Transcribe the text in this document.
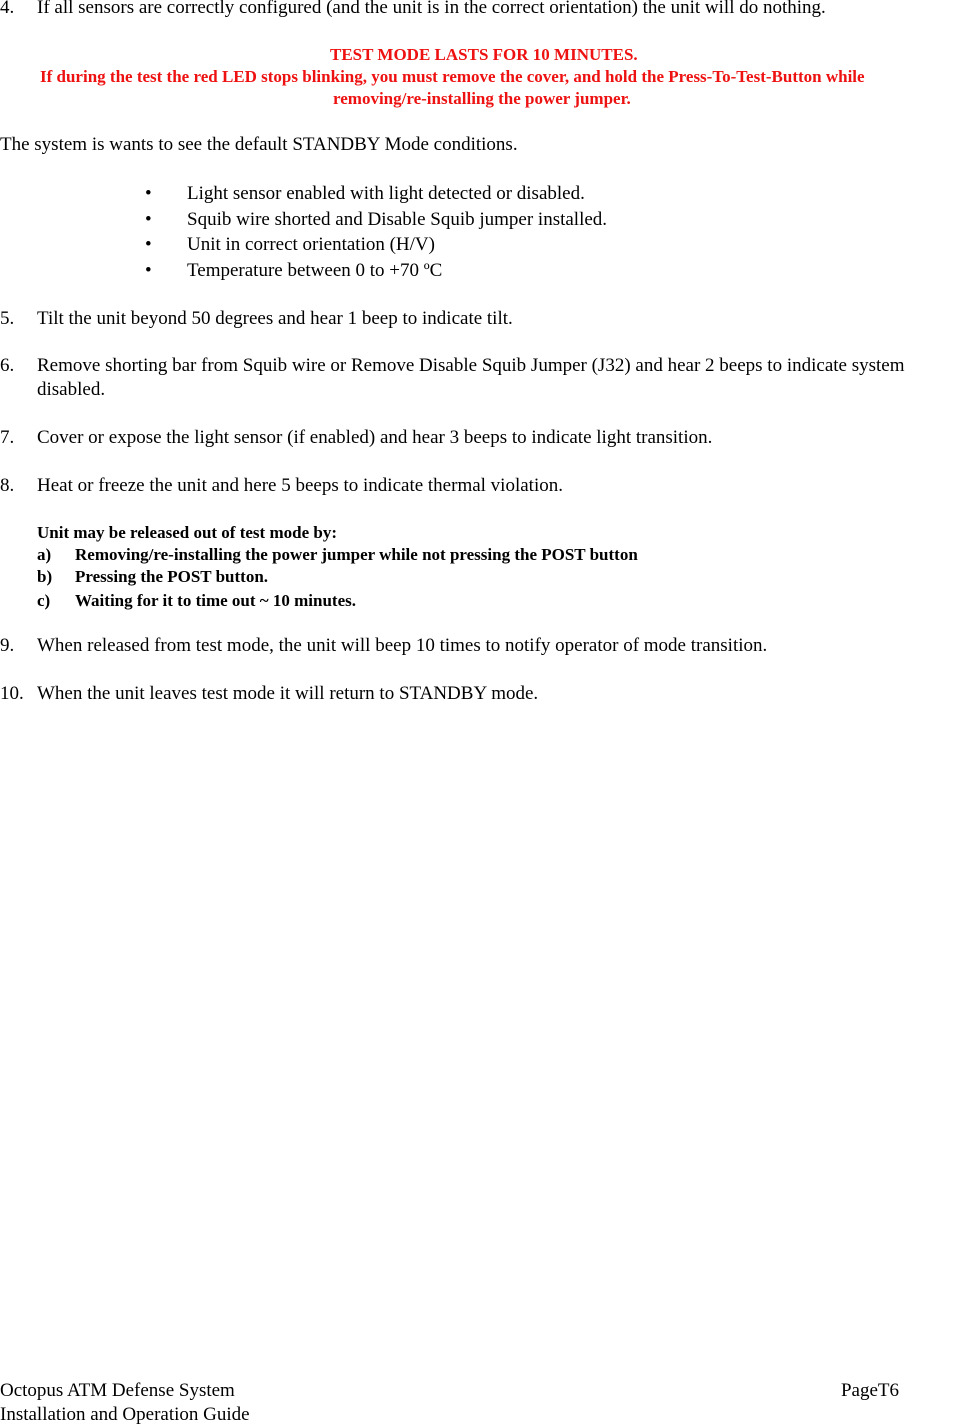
4. If all sensors are correctly configured (and the unit is in the correct orientation) the unit will do nothing.
TEST MODE LASTS FOR 10 MINUTES.
If during the test the red LED stops blinking, you must remove the cover, and hold the Press-To-Test-Button while
removing/re-installing the power jumper.
The system is wants to see the default STANDBY Mode conditions.
• Light sensor enabled with light detected or disabled.
• Squib wire shorted and Disable Squib jumper installed.
• Unit in correct orientation (H/V)
• Temperature between 0 to +70 ºC
5. Tilt the unit beyond 50 degrees and hear 1 beep to indicate tilt.
6. Remove shorting bar from Squib wire or Remove Disable Squib Jumper (J32) and hear 2 beeps to indicate system disabled.
7. Cover or expose the light sensor (if enabled) and hear 3 beeps to indicate light transition.
8. Heat or freeze the unit and here 5 beeps to indicate thermal violation.
Unit may be released out of test mode by:
a) Removing/re-installing the power jumper while not pressing the POST button
b) Pressing the POST button.
c) Waiting for it to time out ~ 10 minutes.
9. When released from test mode, the unit will beep 10 times to notify operator of mode transition.
10. When the unit leaves test mode it will return to STANDBY mode.
Octopus ATM Defense System
Installation and Operation Guide
PageT6
